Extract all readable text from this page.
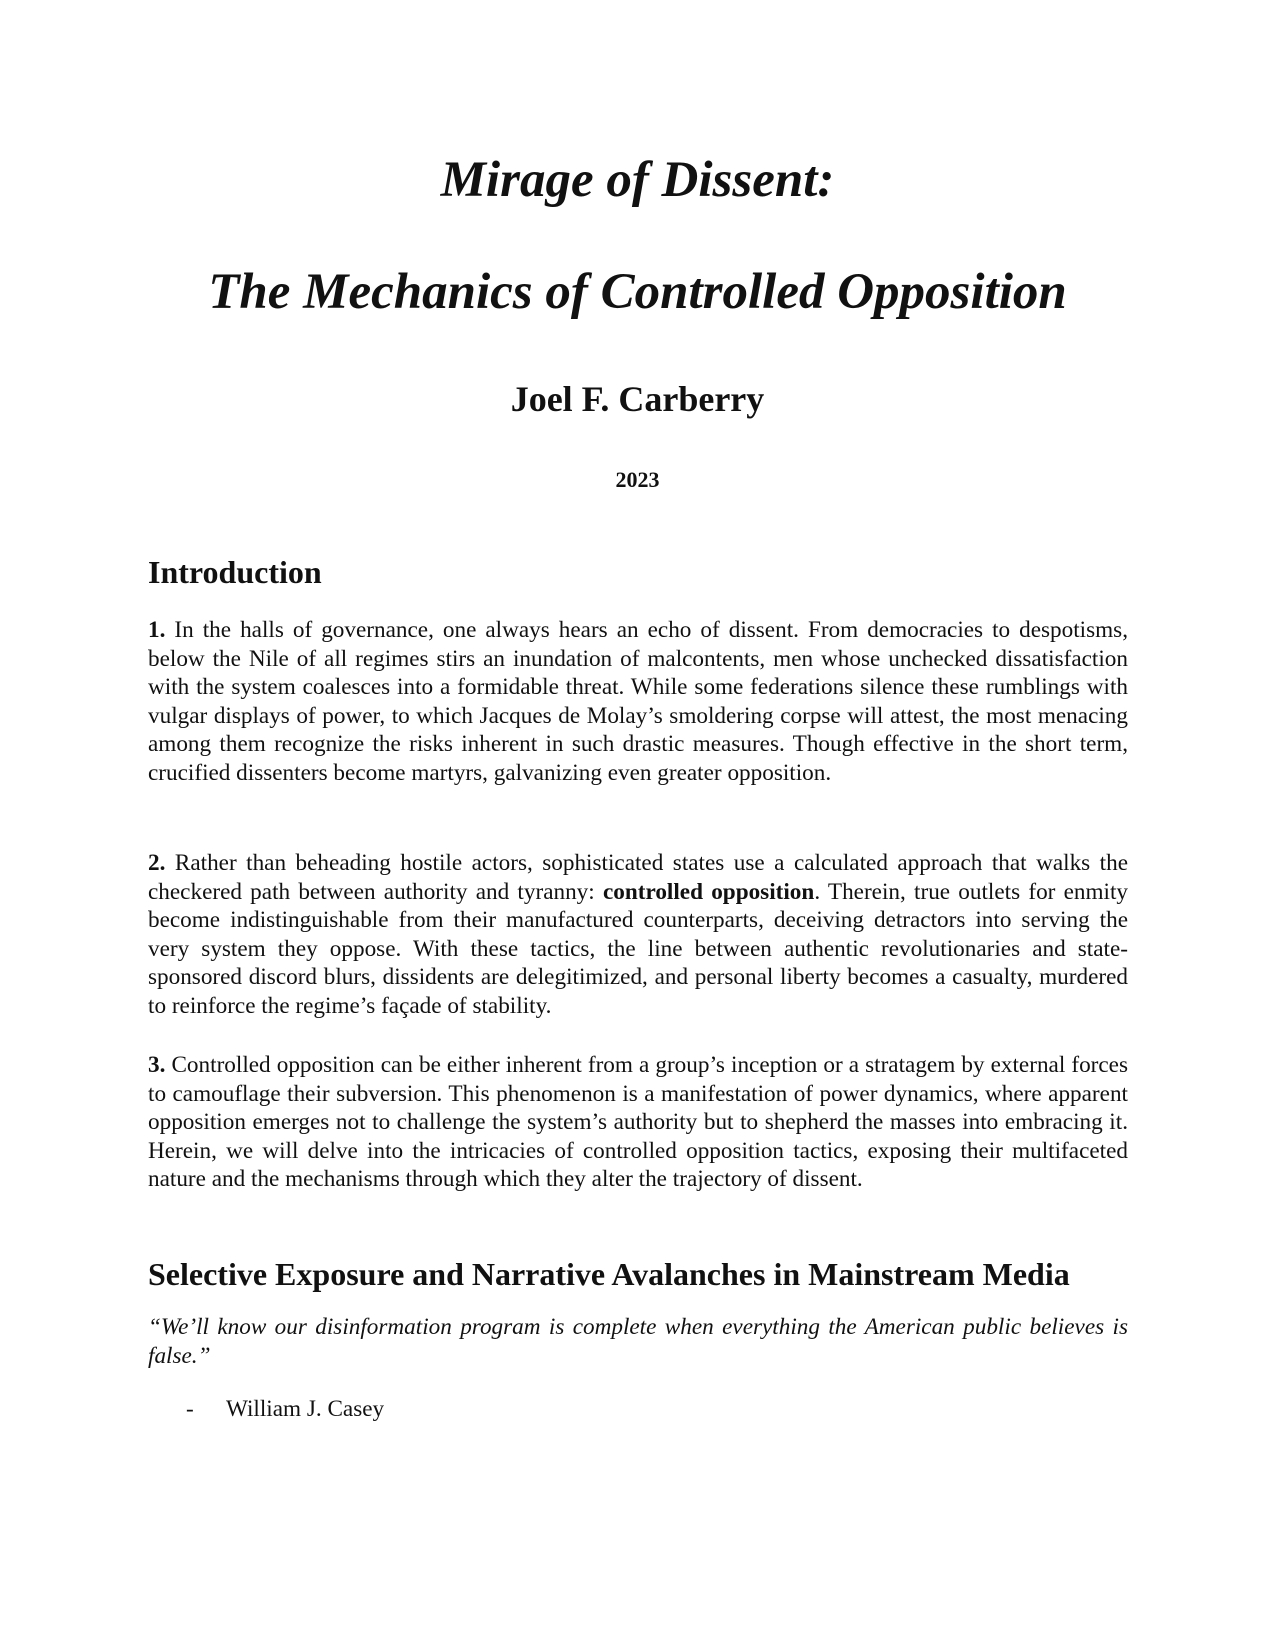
Mirage of Dissent:
The Mechanics of Controlled Opposition
Joel F. Carberry
2023
Introduction

1. In the halls of governance, one always hears an echo of dissent. From democracies to despotisms, below the Nile of all regimes stirs an inundation of malcontents, men whose unchecked dissatisfaction with the system coalesces into a formidable threat. While some federations silence these rumblings with vulgar displays of power, to which Jacques de Molay’s smoldering corpse will attest, the most menacing among them recognize the risks inherent in such drastic measures. Though effective in the short term, crucified dissenters become martyrs, galvanizing even greater opposition.

2. Rather than beheading hostile actors, sophisticated states use a calculated approach that walks the checkered path between authority and tyranny: controlled opposition. Therein, true outlets for enmity become indistinguishable from their manufactured counterparts, deceiving detractors into serving the very system they oppose. With these tactics, the line between authentic revolutionaries and state-sponsored discord blurs, dissidents are delegitimized, and personal liberty becomes a casualty, murdered to reinforce the regime’s façade of stability.

3. Controlled opposition can be either inherent from a group’s inception or a stratagem by external forces to camouflage their subversion. This phenomenon is a manifestation of power dynamics, where apparent opposition emerges not to challenge the system’s authority but to shepherd the masses into embracing it. Herein, we will delve into the intricacies of controlled opposition tactics, exposing their multifaceted nature and the mechanisms through which they alter the trajectory of dissent.

Selective Exposure and Narrative Avalanches in Mainstream Media

“We’ll know our disinformation program is complete when everything the American public believes is false.”

- William J. Casey
